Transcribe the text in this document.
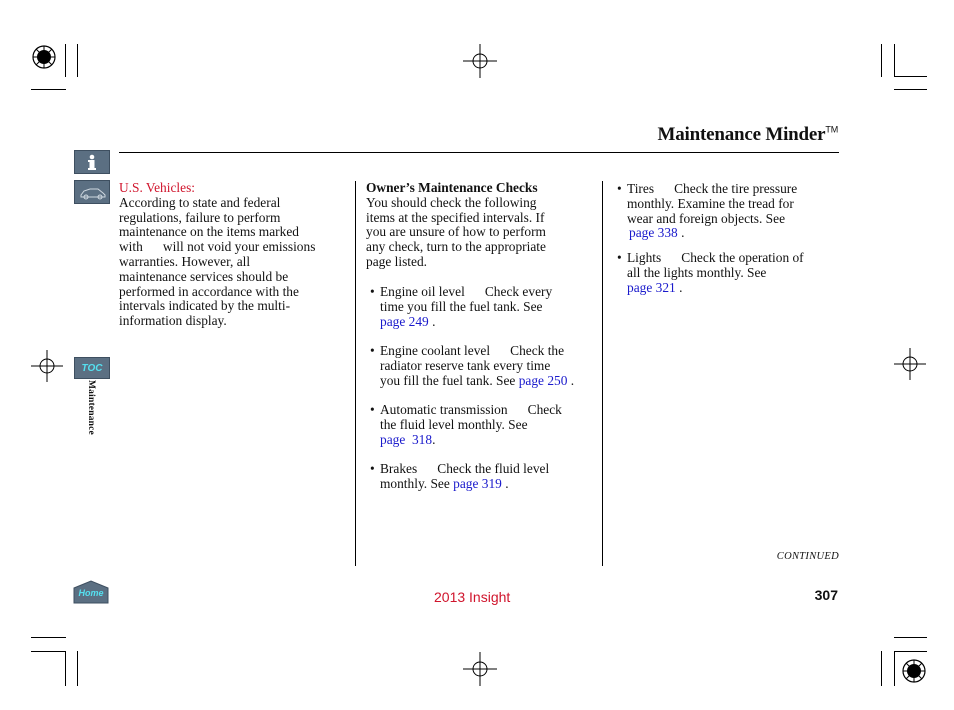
Maintenance Minder™
TOC
Maintenance
Home
U.S. Vehicles:
According to state and federal
regulations, failure to perform
maintenance on the items marked
with      will not void your emissions
warranties. However, all
maintenance services should be
performed in accordance with the
intervals indicated by the multi-
information display.
Owner’s Maintenance Checks
You should check the following
items at the specified intervals. If
you are unsure of how to perform
any check, turn to the appropriate
page listed.
• Engine oil level      Check every
time you fill the fuel tank. See
page 249 .
• Engine coolant level      Check the
radiator reserve tank every time
you fill the fuel tank. See page 250 .
• Automatic transmission      Check
the fluid level monthly. See
page  318.
• Brakes      Check the fluid level
monthly. See page 319 .
• Tires      Check the tire pressure
monthly. Examine the tread for
wear and foreign objects. See
page 338 .
• Lights      Check the operation of
all the lights monthly. See
page 321 .
CONTINUED
2013 Insight	307
